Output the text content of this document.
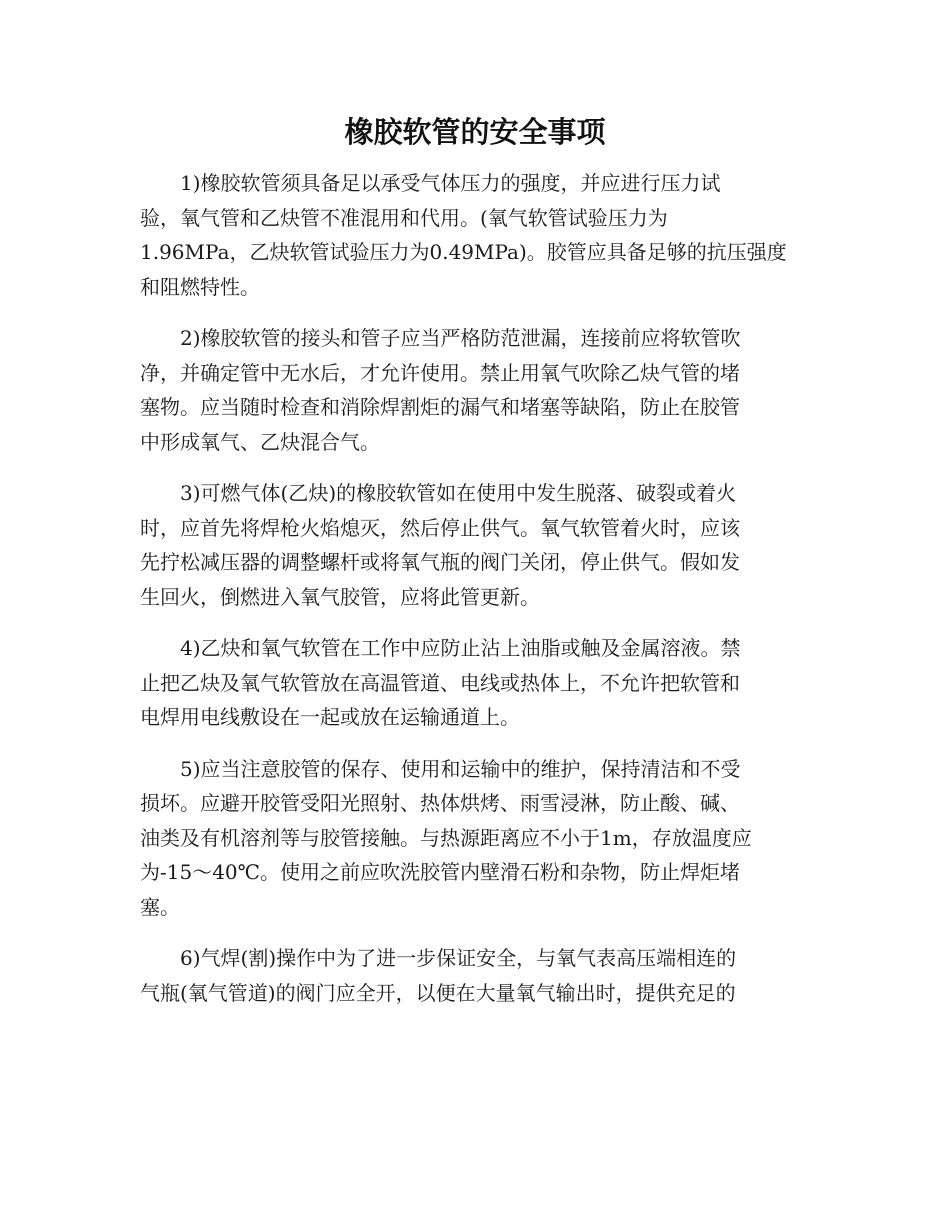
橡胶软管的安全事项

1)橡胶软管须具备足以承受气体压力的强度，并应进行压力试
验，氧气管和乙炔管不准混用和代用。(氧气软管试验压力为
1.96MPa，乙炔软管试验压力为0.49MPa)。胶管应具备足够的抗压强度
和阻燃特性。

2)橡胶软管的接头和管子应当严格防范泄漏，连接前应将软管吹
净，并确定管中无水后，才允许使用。禁止用氧气吹除乙炔气管的堵
塞物。应当随时检查和消除焊割炬的漏气和堵塞等缺陷，防止在胶管
中形成氧气、乙炔混合气。

3)可燃气体(乙炔)的橡胶软管如在使用中发生脱落、破裂或着火
时，应首先将焊枪火焰熄灭，然后停止供气。氧气软管着火时，应该
先拧松减压器的调整螺杆或将氧气瓶的阀门关闭，停止供气。假如发
生回火，倒燃进入氧气胶管，应将此管更新。

4)乙炔和氧气软管在工作中应防止沾上油脂或触及金属溶液。禁
止把乙炔及氧气软管放在高温管道、电线或热体上，不允许把软管和
电焊用电线敷设在一起或放在运输通道上。

5)应当注意胶管的保存、使用和运输中的维护，保持清洁和不受
损坏。应避开胶管受阳光照射、热体烘烤、雨雪浸淋，防止酸、碱、
油类及有机溶剂等与胶管接触。与热源距离应不小于1m，存放温度应
为-15～40℃。使用之前应吹洗胶管内壁滑石粉和杂物，防止焊炬堵
塞。

6)气焊(割)操作中为了进一步保证安全，与氧气表高压端相连的
气瓶(氧气管道)的阀门应全开，以便在大量氧气输出时，提供充足的
